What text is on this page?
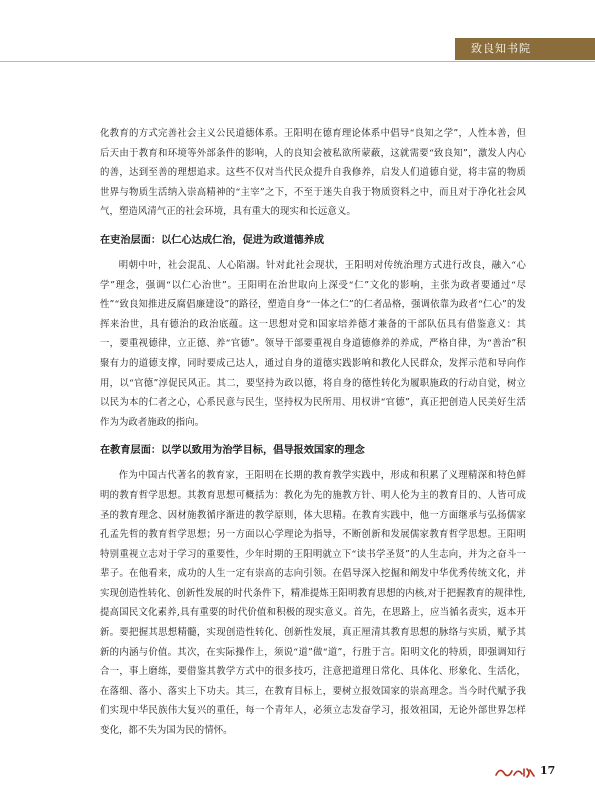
致良知书院

化教育的方式完善社会主义公民道德体系。王阳明在德育理论体系中倡导“良知之学”，人性本善，但后天由于教育和环境等外部条件的影响，人的良知会被私欲所蒙蔽，这就需要“致良知”，激发人内心的善，达到至善的理想追求。这些不仅对当代民众提升自我修养，启发人们道德自觉，将丰富的物质世界与物质生活纳入崇高精神的“主宰”之下，不至于迷失自我于物质资料之中，而且对于净化社会风气，塑造风清气正的社会环境，具有重大的现实和长远意义。

在吏治层面：以仁心达成仁治，促进为政道德养成

明朝中叶，社会混乱、人心陷溺。针对此社会现状，王阳明对传统治理方式进行改良，融入“心学”理念，强调“以仁心治世”。王阳明在治世取向上深受“仁”文化的影响，主张为政者要通过“尽性”“致良知推进反腐倡廉建设”的路径，塑造自身“一体之仁”的仁者品格，强调依靠为政者“仁心”的发挥来治世，具有德治的政治底蕴。这一思想对党和国家培养德才兼备的干部队伍具有借鉴意义：其一，要重视德律，立正德、养“官德”。领导干部要重视自身道德修养的养成，严格自律，为“善治”积聚有力的道德支撑，同时要成己达人，通过自身的道德实践影响和教化人民群众，发挥示范和导向作用，以“官德”淳促民风正。其二，要坚持为政以德，将自身的德性转化为履职施政的行动自觉，树立以民为本的仁者之心，心系民意与民生，坚持权为民所用、用权讲“官德”，真正把创造人民美好生活作为为政者施政的指向。

在教育层面：以学以致用为治学目标，倡导报效国家的理念

作为中国古代著名的教育家，王阳明在长期的教育教学实践中，形成和积累了义理精深和特色鲜明的教育哲学思想。其教育思想可概括为：教化为先的施教方针、明人伦为主的教育目的、人皆可成圣的教育理念、因材施教循序渐进的教学原则，体大思精。在教育实践中，他一方面继承与弘扬儒家孔孟先哲的教育哲学思想；另一方面以心学理论为指导，不断创新和发展儒家教育哲学思想。王阳明特别重视立志对于学习的重要性，少年时期的王阳明就立下“读书学圣贤”的人生志向，并为之奋斗一辈子。在他看来，成功的人生一定有崇高的志向引领。在倡导深入挖掘和阐发中华优秀传统文化，并实现创造性转化、创新性发展的时代条件下，精准提炼王阳明教育思想的内核,对于把握教育的规律性,提高国民文化素养,具有重要的时代价值和积极的现实意义。首先，在思路上，应当循名责实，返本开新。要把握其思想精髓，实现创造性转化、创新性发展，真正厘清其教育思想的脉络与实质，赋予其新的内涵与价值。其次，在实际操作上，须说“道”做“道”，行胜于言。阳明文化的特质，即强调知行合一，事上磨练，要借鉴其教学方式中的很多技巧，注意把道理日常化、具体化、形象化、生活化，在落细、落小、落实上下功夫。其三，在教育目标上，要树立报效国家的崇高理念。当今时代赋予我们实现中华民族伟大复兴的重任，每一个青年人，必须立志发奋学习，报效祖国，无论外部世界怎样变化，都不失为国为民的情怀。

17
